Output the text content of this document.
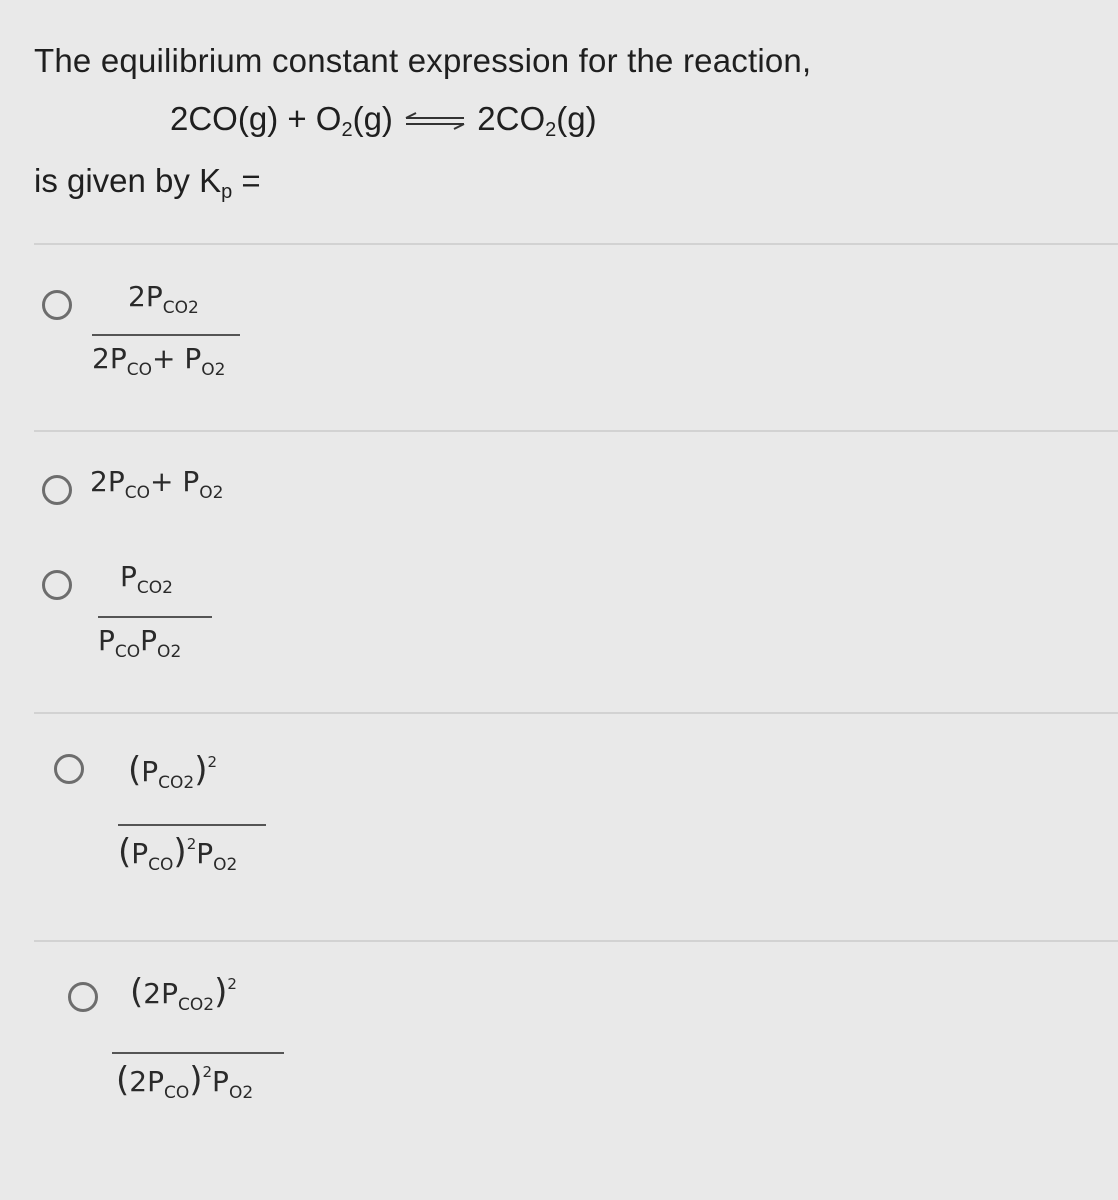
The equilibrium constant expression for the reaction,
$2CO(g) + O_2(g)$ ⇌ $2CO_2(g)$
is given by $K_p$ =
$2P_{CO2}$
$2P_{CO}+ P_{O2}$
$2P_{CO}+ P_{O2}$
$P_{CO2}$
$P_{CO}P_{O2}$
$(P_{CO2})^2$
$(P_{CO})^2P_{O2}$
$(2P_{CO2})^2$
$(2P_{CO})^2P_{O2}$
